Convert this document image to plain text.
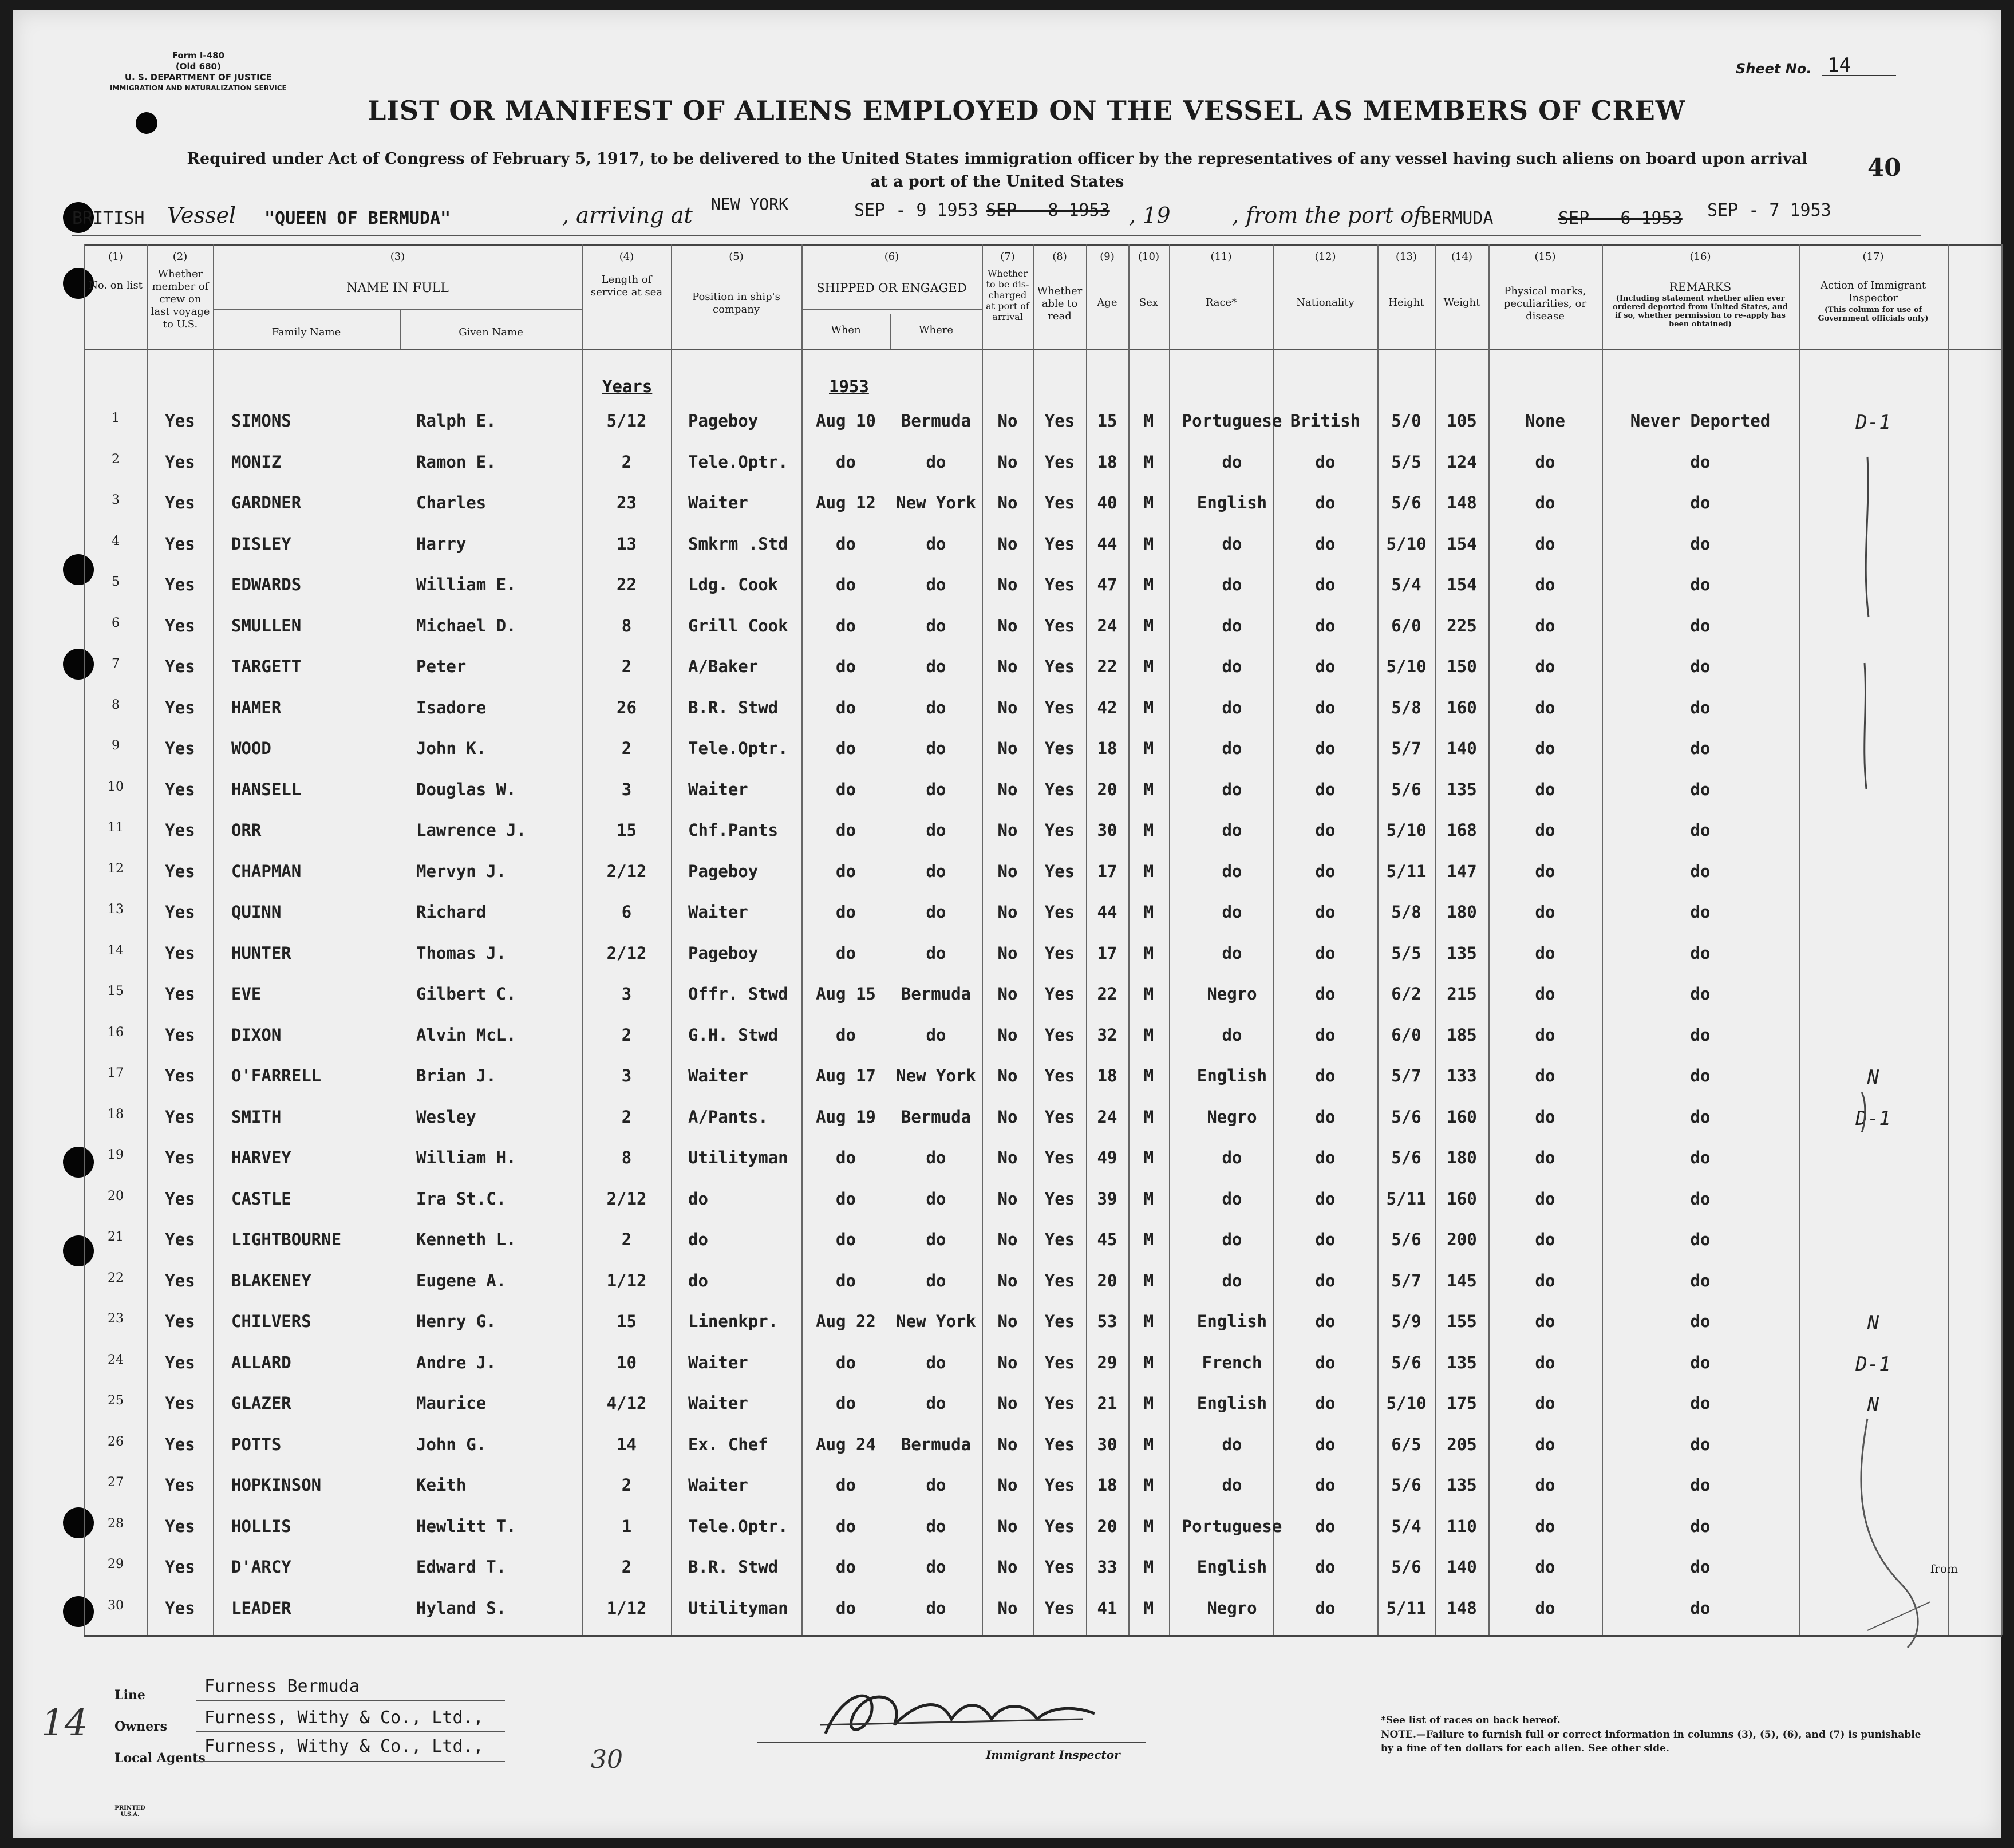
Form I-480
(Old 680)
U. S. DEPARTMENT OF JUSTICE
IMMIGRATION AND NATURALIZATION SERVICE
Sheet No. 14
LIST OR MANIFEST OF ALIENS EMPLOYED ON THE VESSEL AS MEMBERS OF CREW
Required under Act of Congress of February 5, 1917, to be delivered to the United States immigration officer by the representatives of any vessel having such aliens on board upon arrival at a port of the United States
40
BRITISH Vessel "QUEEN OF BERMUDA"	, arriving at NEW YORK	SEP - 9 1953 SEP - 8 1953 , 19	, from the port of
BERMUDA	SEP - 6 1953 SEP - 7 1953
(1)	(2)	(3)	(4)	(5)	(6)	(7)	(8)	(9)	(10)	(11)	(12)	(13)	(14)	(15)	(16)	(17)
No. on list
Whether member of crew on last voyage to U.S.
NAME IN FULL
Family Name	Given Name
Length of service at sea	Position in ship's company
SHIPPED OR ENGAGED
When	Where
Whether to be dis-charged at port of arrival
Whether able to read
Age	Sex	Race*	Nationality	Height	Weight
Physical marks, peculiarities, or disease
REMARKS
(Including statement whether alien ever ordered deported from United States, and if so, whether permission to re-apply has been obtained)
Action of Immigrant Inspector
(This column for use of Government officials only)
Years	1953
1	Yes	SIMONS	Ralph E.	5/12	Pageboy	Aug 10	Bermuda	No	Yes	15	M	Portuguese British	5/0	105	None	Never Deported	D-1
2	Yes	MONIZ	Ramon E.	2	Tele.Optr.	do	do	No	Yes	18	M	do	do	5/5	124	do	do
3	Yes	GARDNER	Charles	23	Waiter	Aug 12	New York	No	Yes	40	M	English	do	5/6	148	do	do
4	Yes	DISLEY	Harry	13	Smkrm .Std	do	do	No	Yes	44	M	do	do	5/10	154	do	do
5	Yes	EDWARDS	William E.	22	Ldg. Cook	do	do	No	Yes	47	M	do	do	5/4	154	do	do
6	Yes	SMULLEN	Michael D.	8	Grill Cook	do	do	No	Yes	24	M	do	do	6/0	225	do	do
7	Yes	TARGETT	Peter	2	A/Baker	do	do	No	Yes	22	M	do	do	5/10	150	do	do
8	Yes	HAMER	Isadore	26	B.R. Stwd	do	do	No	Yes	42	M	do	do	5/8	160	do	do
9	Yes	WOOD	John K.	2	Tele.Optr.	do	do	No	Yes	18	M	do	do	5/7	140	do	do
10	Yes	HANSELL	Douglas W.	3	Waiter	do	do	No	Yes	20	M	do	do	5/6	135	do	do
11	Yes	ORR	Lawrence J.	15	Chf.Pants	do	do	No	Yes	30	M	do	do	5/10	168	do	do
12	Yes	CHAPMAN	Mervyn J.	2/12	Pageboy	do	do	No	Yes	17	M	do	do	5/11	147	do	do
13	Yes	QUINN	Richard	6	Waiter	do	do	No	Yes	44	M	do	do	5/8	180	do	do
14	Yes	HUNTER	Thomas J.	2/12	Pageboy	do	do	No	Yes	17	M	do	do	5/5	135	do	do
15	Yes	EVE	Gilbert C.	3	Offr. Stwd	Aug 15	Bermuda	No	Yes	22	M	Negro	do	6/2	215	do	do
16	Yes	DIXON	Alvin McL.	2	G.H. Stwd	do	do	No	Yes	32	M	do	do	6/0	185	do	do
17	Yes	O'FARRELL	Brian J.	3	Waiter	Aug 17	New York	No	Yes	18	M	English	do	5/7	133	do	do	N
18	Yes	SMITH	Wesley	2	A/Pants.	Aug 19	Bermuda	No	Yes	24	M	Negro	do	5/6	160	do	do	D-1
19	Yes	HARVEY	William H.	8	Utilityman	do	do	No	Yes	49	M	do	do	5/6	180	do	do
20	Yes	CASTLE	Ira St.C.	2/12	do	do	do	No	Yes	39	M	do	do	5/11	160	do	do
21	Yes	LIGHTBOURNE	Kenneth L.	2	do	do	do	No	Yes	45	M	do	do	5/6	200	do	do
22	Yes	BLAKENEY	Eugene A.	1/12	do	do	do	No	Yes	20	M	do	do	5/7	145	do	do
23	Yes	CHILVERS	Henry G.	15	Linenkpr.	Aug 22	New York	No	Yes	53	M	English	do	5/9	155	do	do	N
24	Yes	ALLARD	Andre J.	10	Waiter	do	do	No	Yes	29	M	French	do	5/6	135	do	do	D-1
25	Yes	GLAZER	Maurice	4/12	Waiter	do	do	No	Yes	21	M	English	do	5/10	175	do	do	N
26	Yes	POTTS	John G.	14	Ex. Chef	Aug 24	Bermuda	No	Yes	30	M	do	do	6/5	205	do	do
27	Yes	HOPKINSON	Keith	2	Waiter	do	do	No	Yes	18	M	do	do	5/6	135	do	do
28	Yes	HOLLIS	Hewlitt T.	1	Tele.Optr.	do	do	No	Yes	20	M	Portuguese	do	5/4	110	do	do
29	Yes	D'ARCY	Edward T.	2	B.R. Stwd	do	do	No	Yes	33	M	English	do	5/6	140	do	do
30	Yes	LEADER	Hyland S.	1/12	Utilityman	do	do	No	Yes	41	M	Negro	do	5/11	148	do	do
Line	Furness Bermuda
Owners Furness, Withy & Co., Ltd.,
Local Agents
Furness, Withy & Co., Ltd.,	Immigrant Inspector
*See list of races on back hereof.
NOTE.—Failure to furnish full or correct information in columns (3), (5), (6), and (7) is punishable by a fine of ten dollars for each alien. See other side.
14
30
from
PRINTED U.S.A.
